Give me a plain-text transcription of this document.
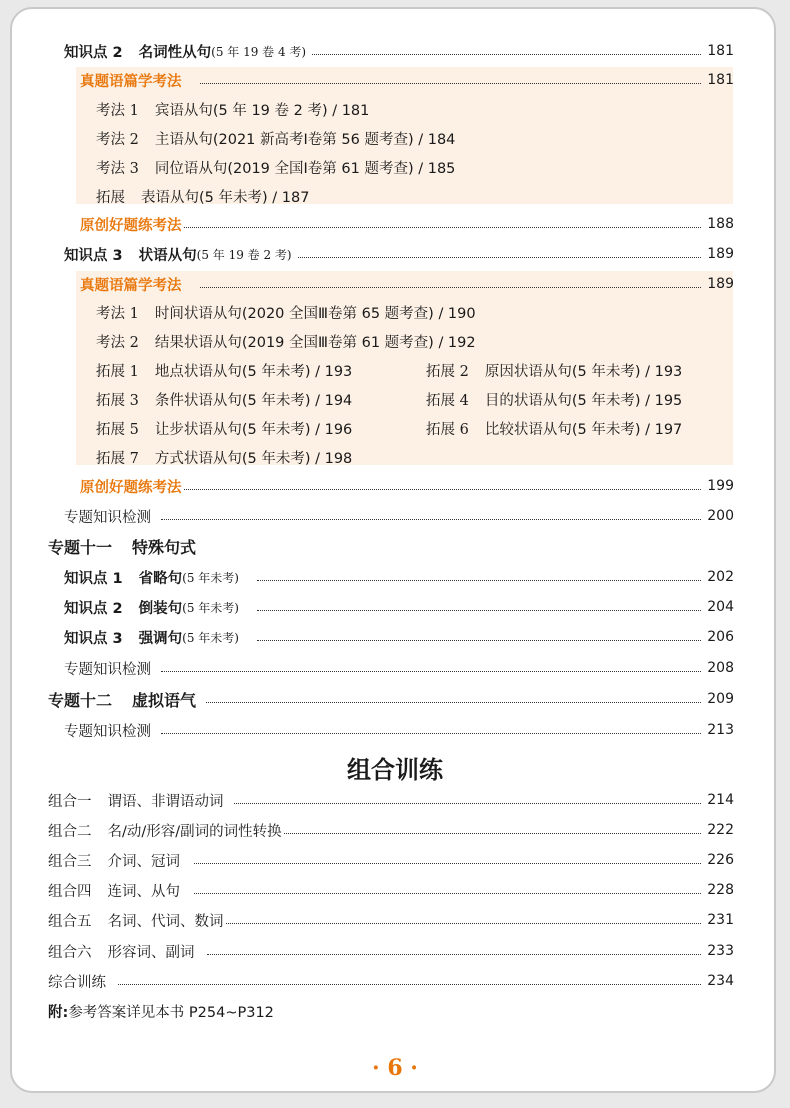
知识点 2 名词性从句 (5 年 19 卷 4 考)	181
真题语篇学考法	181
考法 1 宾语从句(5 年 19 卷 2 考) / 181
考法 2 主语从句(2021 新高考Ⅰ卷第 56 题考查) / 184
考法 3 同位语从句(2019 全国Ⅰ卷第 61 题考查) / 185
拓展 表语从句(5 年未考) / 187
原创好题练考法	188
知识点 3 状语从句 (5 年 19 卷 2 考)	189
真题语篇学考法	189
考法 1 时间状语从句(2020 全国Ⅲ卷第 65 题考查) / 190
考法 2 结果状语从句(2019 全国Ⅲ卷第 61 题考查) / 192
拓展 1 地点状语从句(5 年未考) / 193	拓展 2 原因状语从句(5 年未考) / 193
拓展 3 条件状语从句(5 年未考) / 194	拓展 4 目的状语从句(5 年未考) / 195
拓展 5 让步状语从句(5 年未考) / 196	拓展 6 比较状语从句(5 年未考) / 197
拓展 7 方式状语从句(5 年未考) / 198
原创好题练考法	199
专题知识检测	200
专题十一 特殊句式
知识点 1 省略句 (5 年未考)	202
知识点 2 倒装句 (5 年未考)	204
知识点 3 强调句 (5 年未考)	206
专题知识检测	208
专题十二 虚拟语气	209
专题知识检测	213
组合训练
组合一 谓语、非谓语动词	214
组合二 名/动/形容/副词的词性转换	222
组合三 介词、冠词	226
组合四 连词、从句	228
组合五 名词、代词、数词	231
组合六 形容词、副词	233
综合训练	234
附: 参考答案详见本书 P254~P312
· 6 ·
